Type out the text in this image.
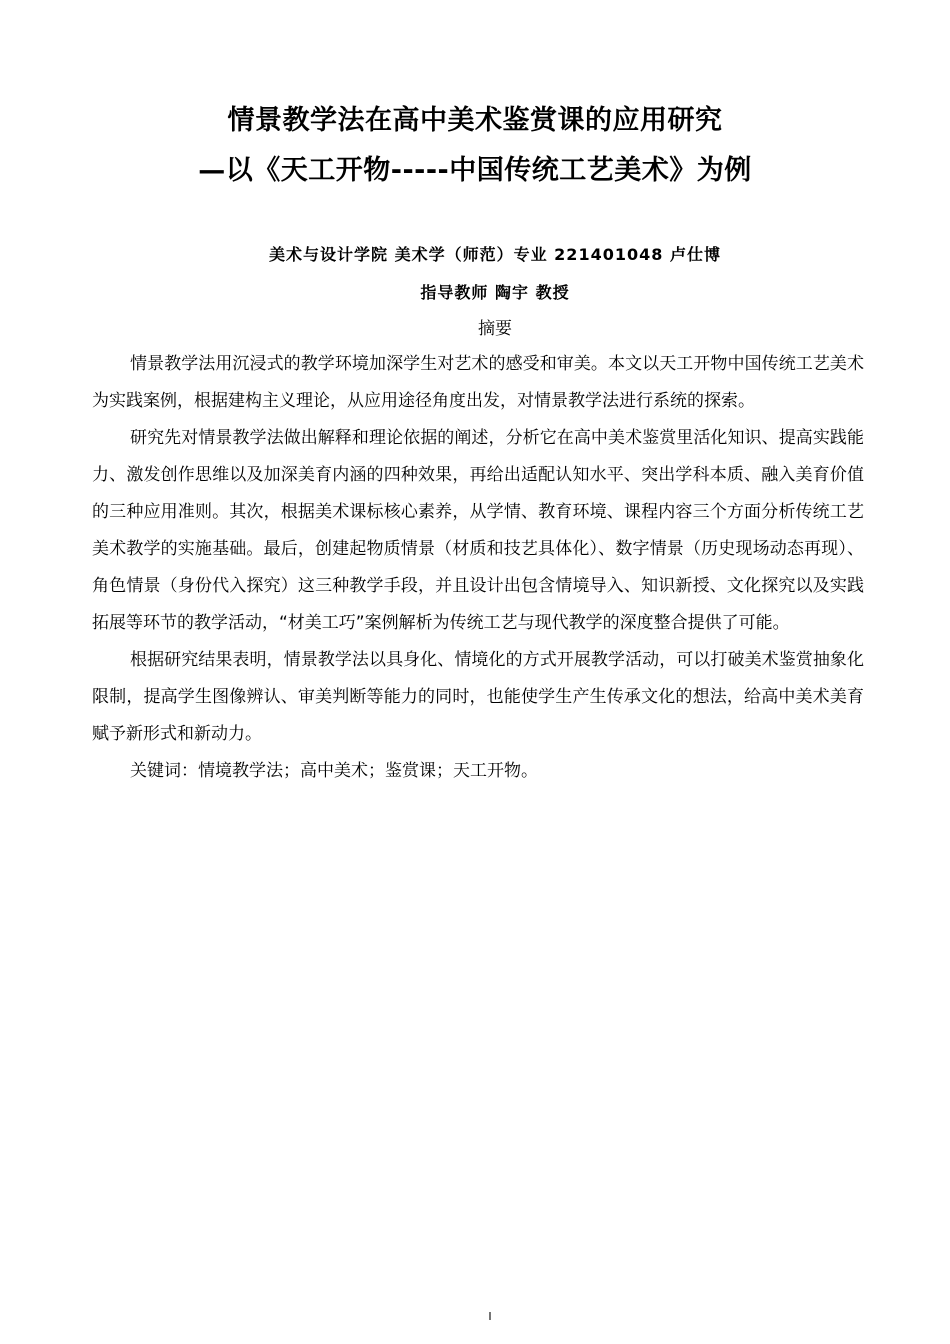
情景教学法在高中美术鉴赏课的应用研究
—以《天工开物-----中国传统工艺美术》为例
美术与设计学院 美术学（师范）专业 221401048 卢仕博
指导教师 陶宇 教授
摘要

情景教学法用沉浸式的教学环境加深学生对艺术的感受和审美。本文以天工开物中国传统工艺美术为实践案例，根据建构主义理论，从应用途径角度出发，对情景教学法进行系统的探索。

研究先对情景教学法做出解释和理论依据的阐述，分析它在高中美术鉴赏里活化知识、提高实践能力、激发创作思维以及加深美育内涵的四种效果，再给出适配认知水平、突出学科本质、融入美育价值的三种应用准则。其次，根据美术课标核心素养，从学情、教育环境、课程内容三个方面分析传统工艺美术教学的实施基础。最后，创建起物质情景（材质和技艺具体化）、数字情景（历史现场动态再现）、角色情景（身份代入探究）这三种教学手段，并且设计出包含情境导入、知识新授、文化探究以及实践拓展等环节的教学活动，“材美工巧”案例解析为传统工艺与现代教学的深度整合提供了可能。

根据研究结果表明，情景教学法以具身化、情境化的方式开展教学活动，可以打破美术鉴赏抽象化限制，提高学生图像辨认、审美判断等能力的同时，也能使学生产生传承文化的想法，给高中美术美育赋予新形式和新动力。

关键词：情境教学法；高中美术；鉴赏课；天工开物。

I
